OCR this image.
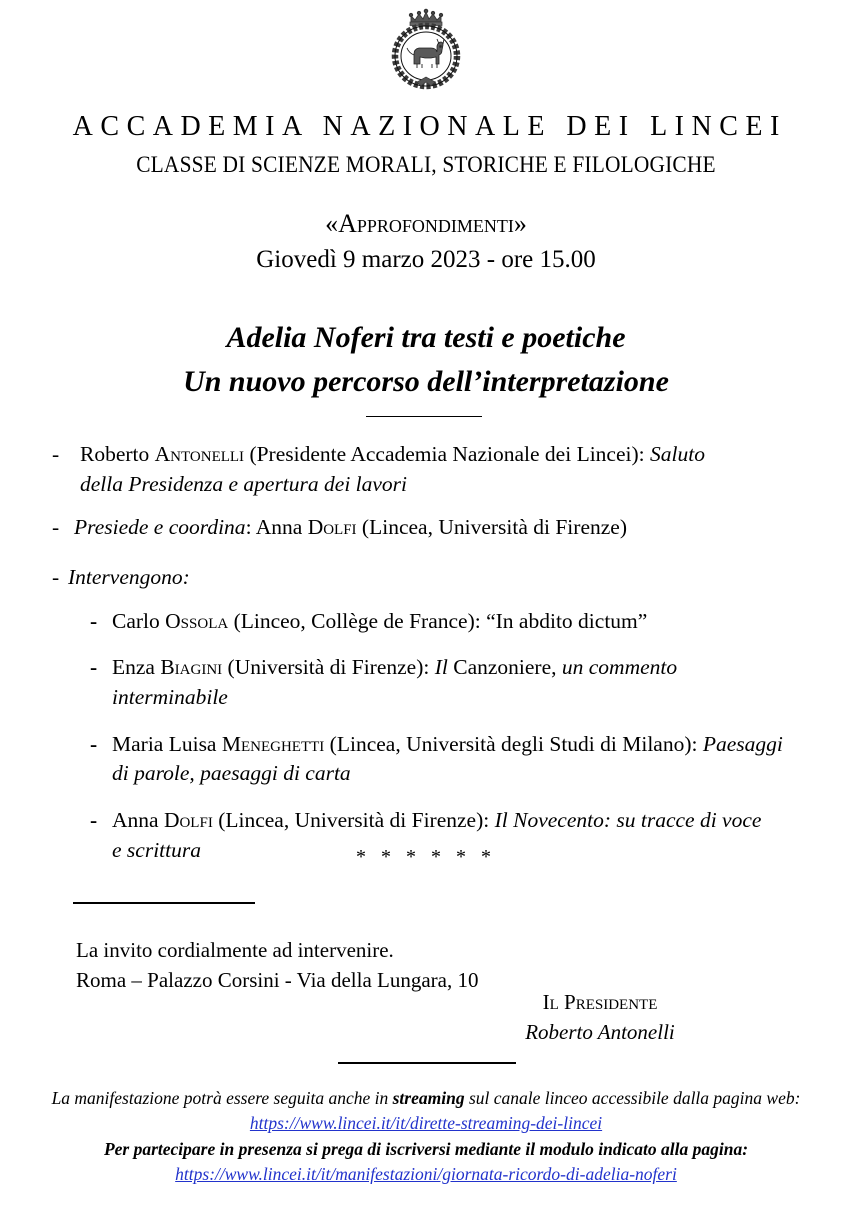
ACCADEMIA NAZIONALE DEI LINCEI
CLASSE DI SCIENZE MORALI, STORICHE E FILOLOGICHE
«Approfondimenti»
Giovedì 9 marzo 2023 - ore 15.00
Adelia Noferi tra testi e poetiche
Un nuovo percorso dell’interpretazione
- Roberto Antonelli (Presidente Accademia Nazionale dei Lincei): Saluto
della Presidenza e apertura dei lavori
- Presiede e coordina: Anna Dolfi (Lincea, Università di Firenze)
- Intervengono:
- Carlo Ossola (Linceo, Collège de France): “In abdito dictum”
- Enza Biagini (Università di Firenze): Il Canzoniere, un commento
interminabile
- Maria Luisa Meneghetti (Lincea, Università degli Studi di Milano): Paesaggi
di parole, paesaggi di carta
- Anna Dolfi (Lincea, Università di Firenze): Il Novecento: su tracce di voce
e scrittura	* * * * * *
La invito cordialmente ad intervenire.
Roma – Palazzo Corsini - Via della Lungara, 10
Il Presidente
Roberto Antonelli
La manifestazione potrà essere seguita anche in streaming sul canale linceo accessibile dalla pagina web:
https://www.lincei.it/it/dirette-streaming-dei-lincei
Per partecipare in presenza si prega di iscriversi mediante il modulo indicato alla pagina:
https://www.lincei.it/it/manifestazioni/giornata-ricordo-di-adelia-noferi
